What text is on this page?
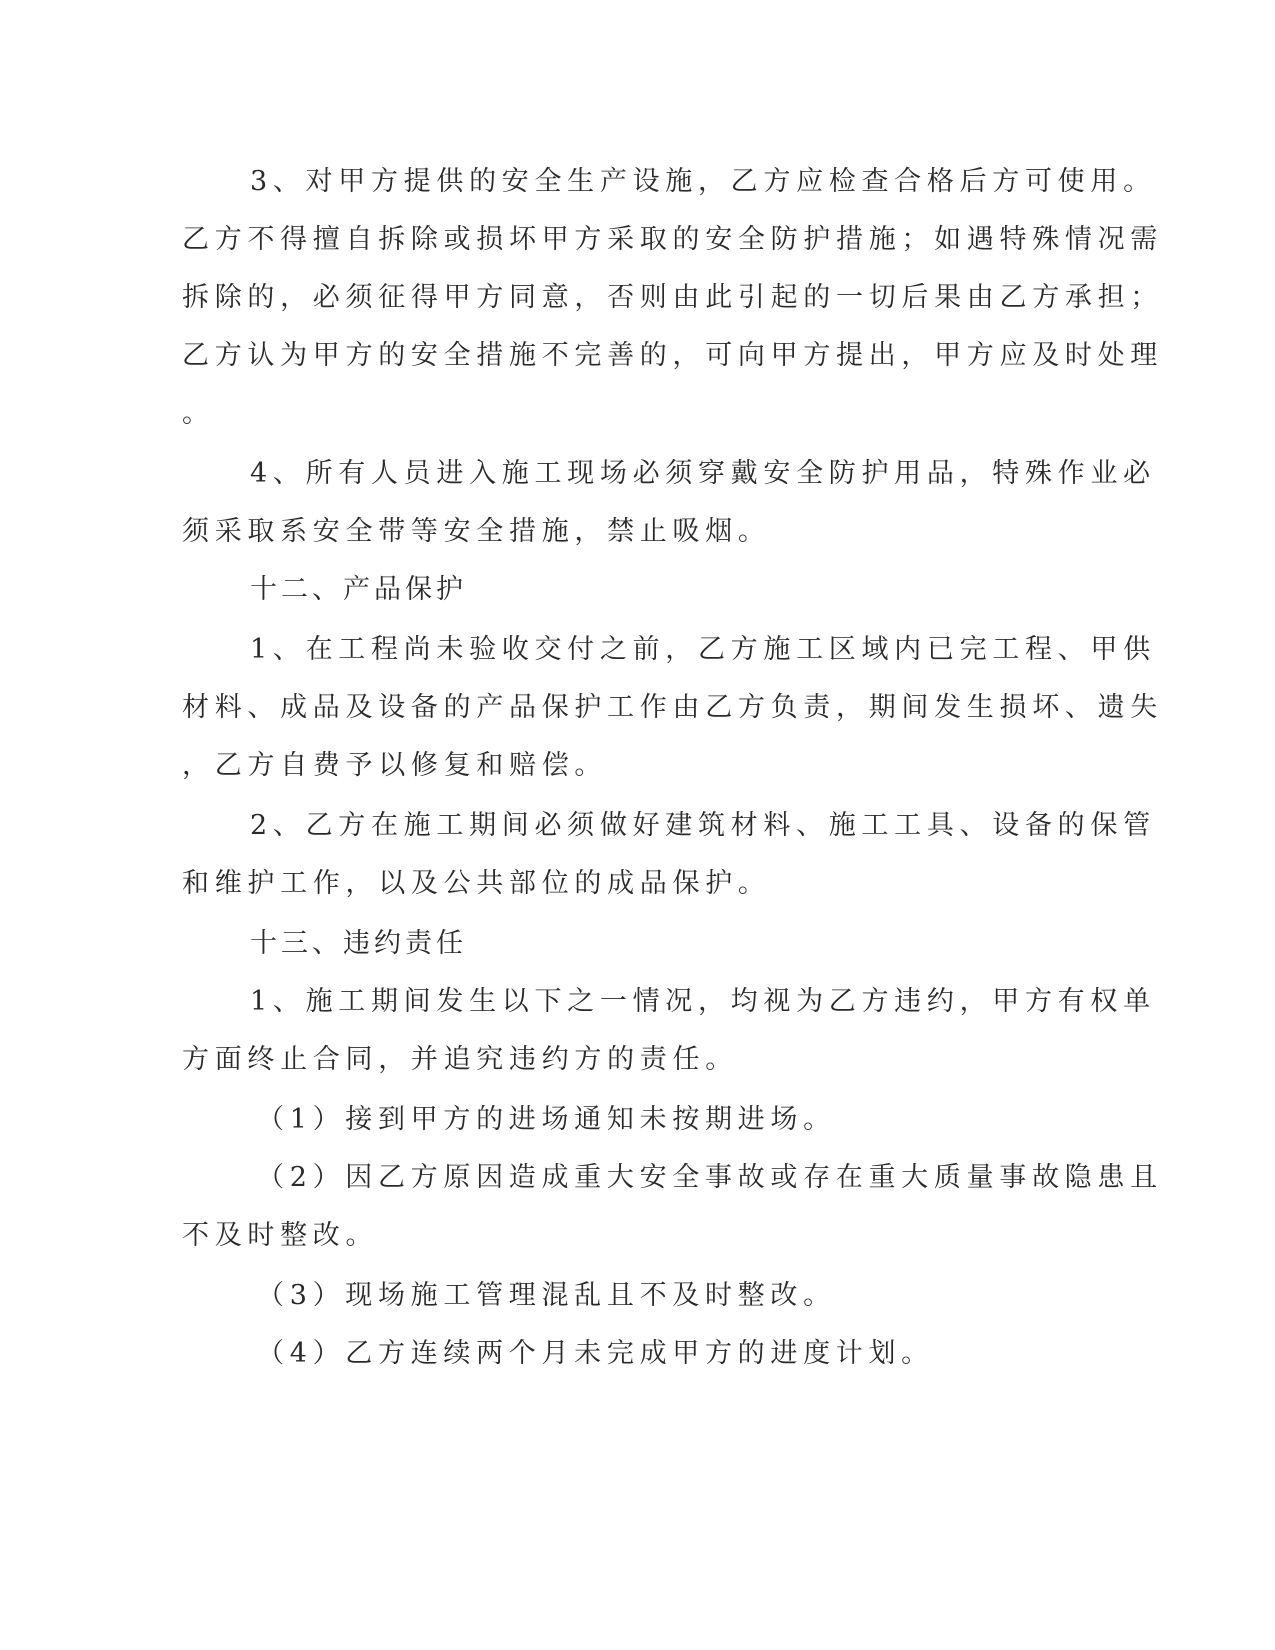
3、对甲方提供的安全生产设施，乙方应检查合格后方可使用。
乙方不得擅自拆除或损坏甲方采取的安全防护措施；如遇特殊情况需
拆除的，必须征得甲方同意，否则由此引起的一切后果由乙方承担；
乙方认为甲方的安全措施不完善的，可向甲方提出，甲方应及时处理
。
4、所有人员进入施工现场必须穿戴安全防护用品，特殊作业必
须采取系安全带等安全措施，禁止吸烟。
十二、产品保护
1、在工程尚未验收交付之前，乙方施工区域内已完工程、甲供
材料、成品及设备的产品保护工作由乙方负责，期间发生损坏、遗失
，乙方自费予以修复和赔偿。
2、乙方在施工期间必须做好建筑材料、施工工具、设备的保管
和维护工作，以及公共部位的成品保护。
十三、违约责任
1、施工期间发生以下之一情况，均视为乙方违约，甲方有权单
方面终止合同，并追究违约方的责任。
（1）接到甲方的进场通知未按期进场。
（2）因乙方原因造成重大安全事故或存在重大质量事故隐患且
不及时整改。
（3）现场施工管理混乱且不及时整改。
（4）乙方连续两个月未完成甲方的进度计划。
